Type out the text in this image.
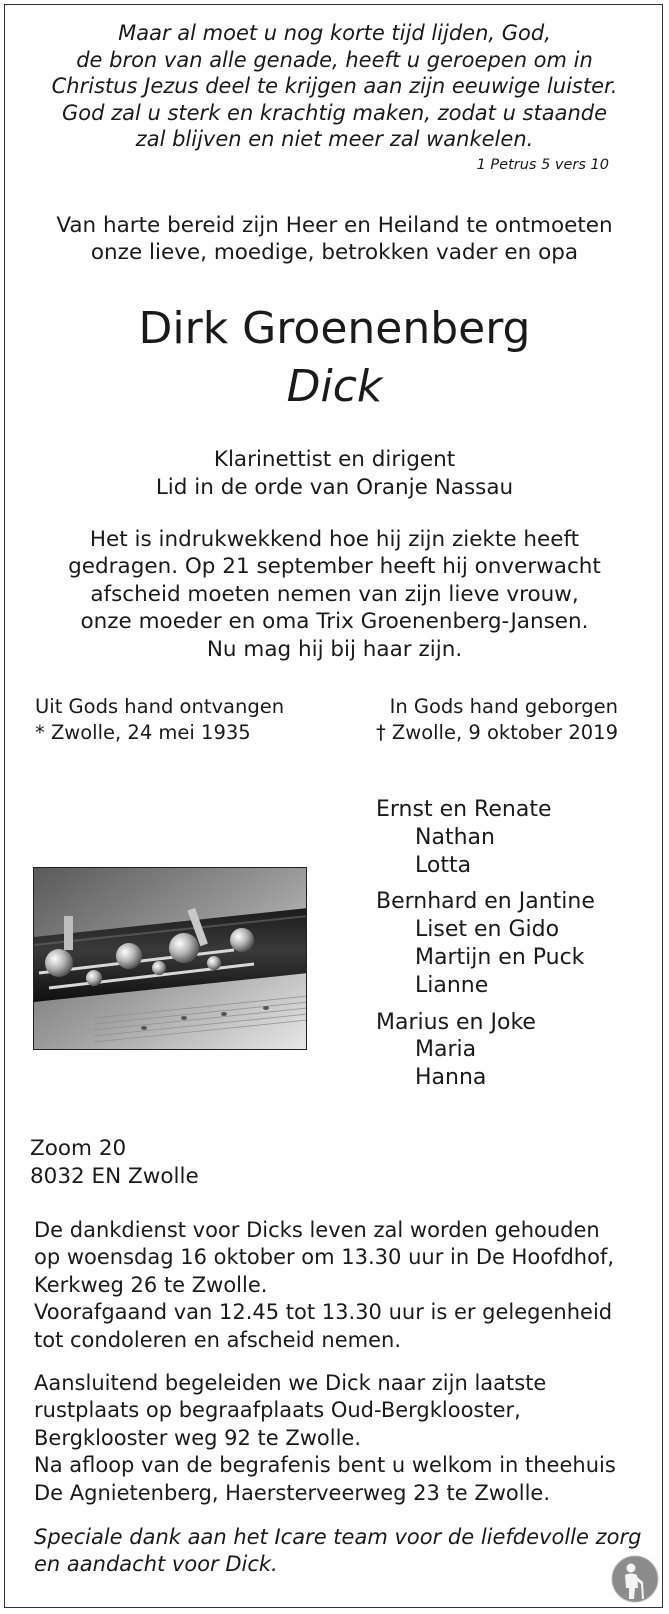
Maar al moet u nog korte tijd lijden, God,
de bron van alle genade, heeft u geroepen om in
Christus Jezus deel te krijgen aan zijn eeuwige luister.
God zal u sterk en krachtig maken, zodat u staande
zal blijven en niet meer zal wankelen.
1 Petrus 5 vers 10
Van harte bereid zijn Heer en Heiland te ontmoeten
onze lieve, moedige, betrokken vader en opa
Dirk Groenenberg
Dick
Klarinettist en dirigent
Lid in de orde van Oranje Nassau
Het is indrukwekkend hoe hij zijn ziekte heeft
gedragen. Op 21 september heeft hij onverwacht
afscheid moeten nemen van zijn lieve vrouw,
onze moeder en oma Trix Groenenberg-Jansen.
Nu mag hij bij haar zijn.
Uit Gods hand ontvangen
* Zwolle, 24 mei 1935
In Gods hand geborgen
† Zwolle, 9 oktober 2019
Ernst en Renate
Nathan
Lotta
Bernhard en Jantine
Liset en Gido
Martijn en Puck
Lianne
Marius en Joke
Maria
Hanna
Zoom 20
8032 EN Zwolle
De dankdienst voor Dicks leven zal worden gehouden
op woensdag 16 oktober om 13.30 uur in De Hoofdhof,
Kerkweg 26 te Zwolle.
Voorafgaand van 12.45 tot 13.30 uur is er gelegenheid
tot condoleren en afscheid nemen.
Aansluitend begeleiden we Dick naar zijn laatste
rustplaats op begraafplaats Oud-Bergklooster,
Bergklooster weg 92 te Zwolle.
Na afloop van de begrafenis bent u welkom in theehuis
De Agnietenberg, Haersterveerweg 23 te Zwolle.
Speciale dank aan het Icare team voor de liefdevolle zorg
en aandacht voor Dick.
